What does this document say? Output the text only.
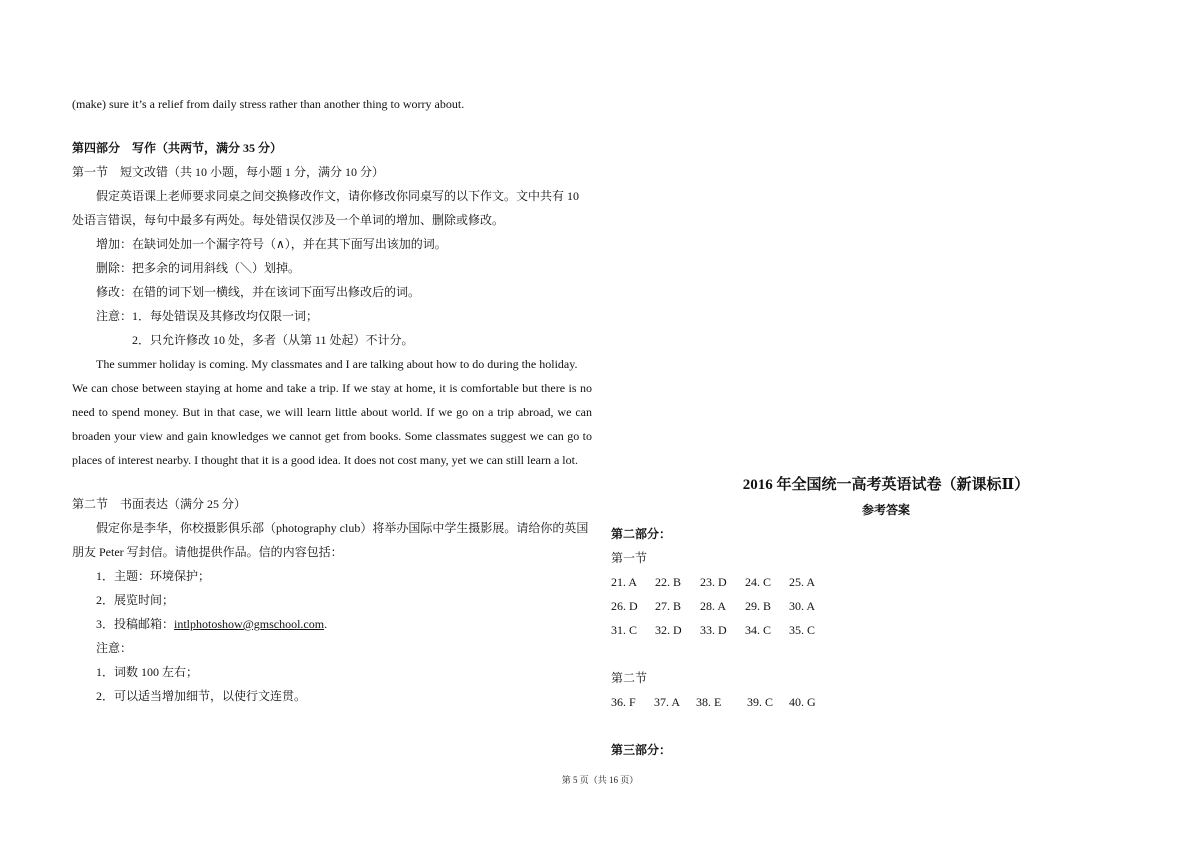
(make) sure it’s a relief from daily stress rather than another thing to worry about.
第四部分　写作（共两节，满分 35 分）
第一节　短文改错（共 10 小题，每小题 1 分，满分 10 分）
假定英语课上老师要求同桌之间交换修改作文，请你修改你同桌写的以下作文。文中共有 10
处语言错误，每句中最多有两处。每处错误仅涉及一个单词的增加、删除或修改。
增加：在缺词处加一个漏字符号（∧），并在其下面写出该加的词。
删除：把多余的词用斜线（＼）划掉。
修改：在错的词下划一横线，并在该词下面写出修改后的词。
注意：1．每处错误及其修改均仅限一词；
2．只允许修改 10 处，多者（从第 11 处起）不计分。
The summer holiday is coming. My classmates and I are talking about how to do during the holiday.
We can chose between staying at home and take a trip. If we stay at home, it is comfortable but there is no
need to spend money. But in that case, we will learn little about world. If we go on a trip abroad, we can
broaden your view and gain knowledges we cannot get from books. Some classmates suggest we can go to
places of interest nearby. I thought that it is a good idea. It does not cost many, yet we can still learn a lot.
第二节　书面表达（满分 25 分）
假定你是李华，你校摄影俱乐部（photography club）将举办国际中学生摄影展。请给你的英国
朋友 Peter 写封信。请他提供作品。信的内容包括：
1．主题：环境保护；
2．展览时间；
3．投稿邮箱：intlphotoshow@gmschool.com.
注意：
1．词数 100 左右；
2．可以适当增加细节，以使行文连贯。
2016 年全国统一高考英语试卷（新课标Ⅱ）
参考答案
第二部分：
第一节
21. A 22. B 23. D 24. C 25. A
26. D 27. B 28. A 29. B 30. A
31. C 32. D 33. D 34. C 35. C
第二节
36. F 37. A 38. E 39. C 40. G
第三部分：
第 5 页（共 16 页）
